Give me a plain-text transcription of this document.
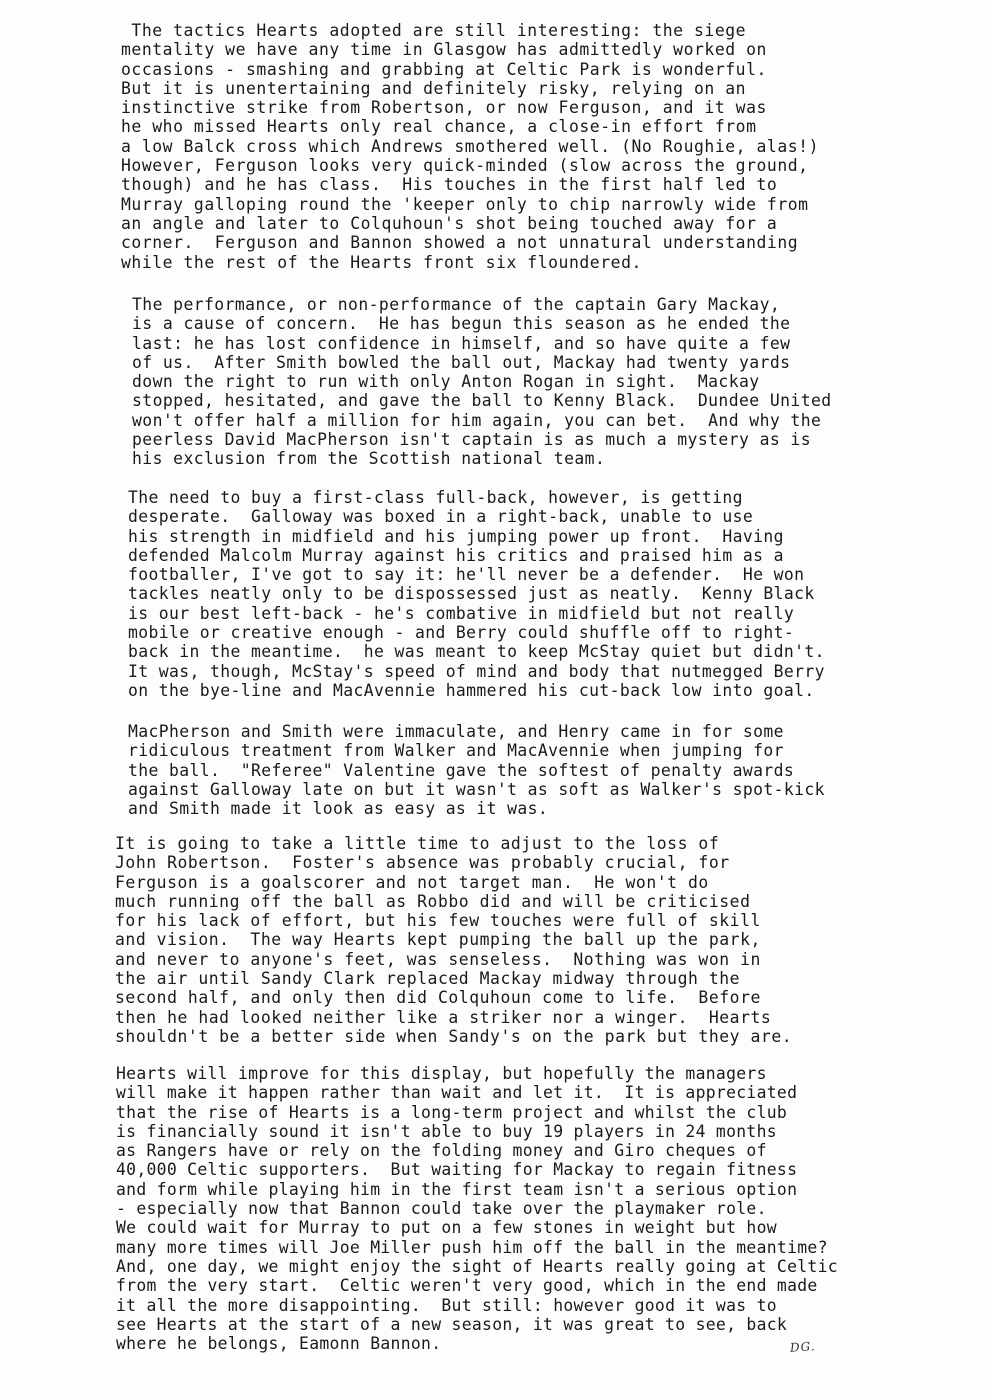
The tactics Hearts adopted are still interesting: the siege
mentality we have any time in Glasgow has admittedly worked on
occasions - smashing and grabbing at Celtic Park is wonderful.
But it is unentertaining and definitely risky, relying on an
instinctive strike from Robertson, or now Ferguson, and it was
he who missed Hearts only real chance, a close-in effort from
a low Balck cross which Andrews smothered well. (No Roughie, alas!)
However, Ferguson looks very quick-minded (slow across the ground,
though) and he has class.  His touches in the first half led to
Murray galloping round the 'keeper only to chip narrowly wide from
an angle and later to Colquhoun's shot being touched away for a
corner.  Ferguson and Bannon showed a not unnatural understanding
while the rest of the Hearts front six floundered.
The performance, or non-performance of the captain Gary Mackay,
is a cause of concern.  He has begun this season as he ended the
last: he has lost confidence in himself, and so have quite a few
of us.  After Smith bowled the ball out, Mackay had twenty yards
down the right to run with only Anton Rogan in sight.  Mackay
stopped, hesitated, and gave the ball to Kenny Black.  Dundee United
won't offer half a million for him again, you can bet.  And why the
peerless David MacPherson isn't captain is as much a mystery as is
his exclusion from the Scottish national team.
The need to buy a first-class full-back, however, is getting
desperate.  Galloway was boxed in a right-back, unable to use
his strength in midfield and his jumping power up front.  Having
defended Malcolm Murray against his critics and praised him as a
footballer, I've got to say it: he'll never be a defender.  He won
tackles neatly only to be dispossessed just as neatly.  Kenny Black
is our best left-back - he's combative in midfield but not really
mobile or creative enough - and Berry could shuffle off to right-
back in the meantime.  he was meant to keep McStay quiet but didn't.
It was, though, McStay's speed of mind and body that nutmegged Berry
on the bye-line and MacAvennie hammered his cut-back low into goal.
MacPherson and Smith were immaculate, and Henry came in for some
ridiculous treatment from Walker and MacAvennie when jumping for
the ball.  "Referee" Valentine gave the softest of penalty awards
against Galloway late on but it wasn't as soft as Walker's spot-kick
and Smith made it look as easy as it was.
It is going to take a little time to adjust to the loss of
John Robertson.  Foster's absence was probably crucial, for
Ferguson is a goalscorer and not target man.  He won't do
much running off the ball as Robbo did and will be criticised
for his lack of effort, but his few touches were full of skill
and vision.  The way Hearts kept pumping the ball up the park,
and never to anyone's feet, was senseless.  Nothing was won in
the air until Sandy Clark replaced Mackay midway through the
second half, and only then did Colquhoun come to life.  Before
then he had looked neither like a striker nor a winger.  Hearts
shouldn't be a better side when Sandy's on the park but they are.
Hearts will improve for this display, but hopefully the managers
will make it happen rather than wait and let it.  It is appreciated
that the rise of Hearts is a long-term project and whilst the club
is financially sound it isn't able to buy 19 players in 24 months
as Rangers have or rely on the folding money and Giro cheques of
40,000 Celtic supporters.  But waiting for Mackay to regain fitness
and form while playing him in the first team isn't a serious option
- especially now that Bannon could take over the playmaker role.
We could wait for Murray to put on a few stones in weight but how
many more times will Joe Miller push him off the ball in the meantime?
And, one day, we might enjoy the sight of Hearts really going at Celtic
from the very start.  Celtic weren't very good, which in the end made
it all the more disappointing.  But still: however good it was to
see Hearts at the start of a new season, it was great to see, back
where he belongs, Eamonn Bannon.	DG.
